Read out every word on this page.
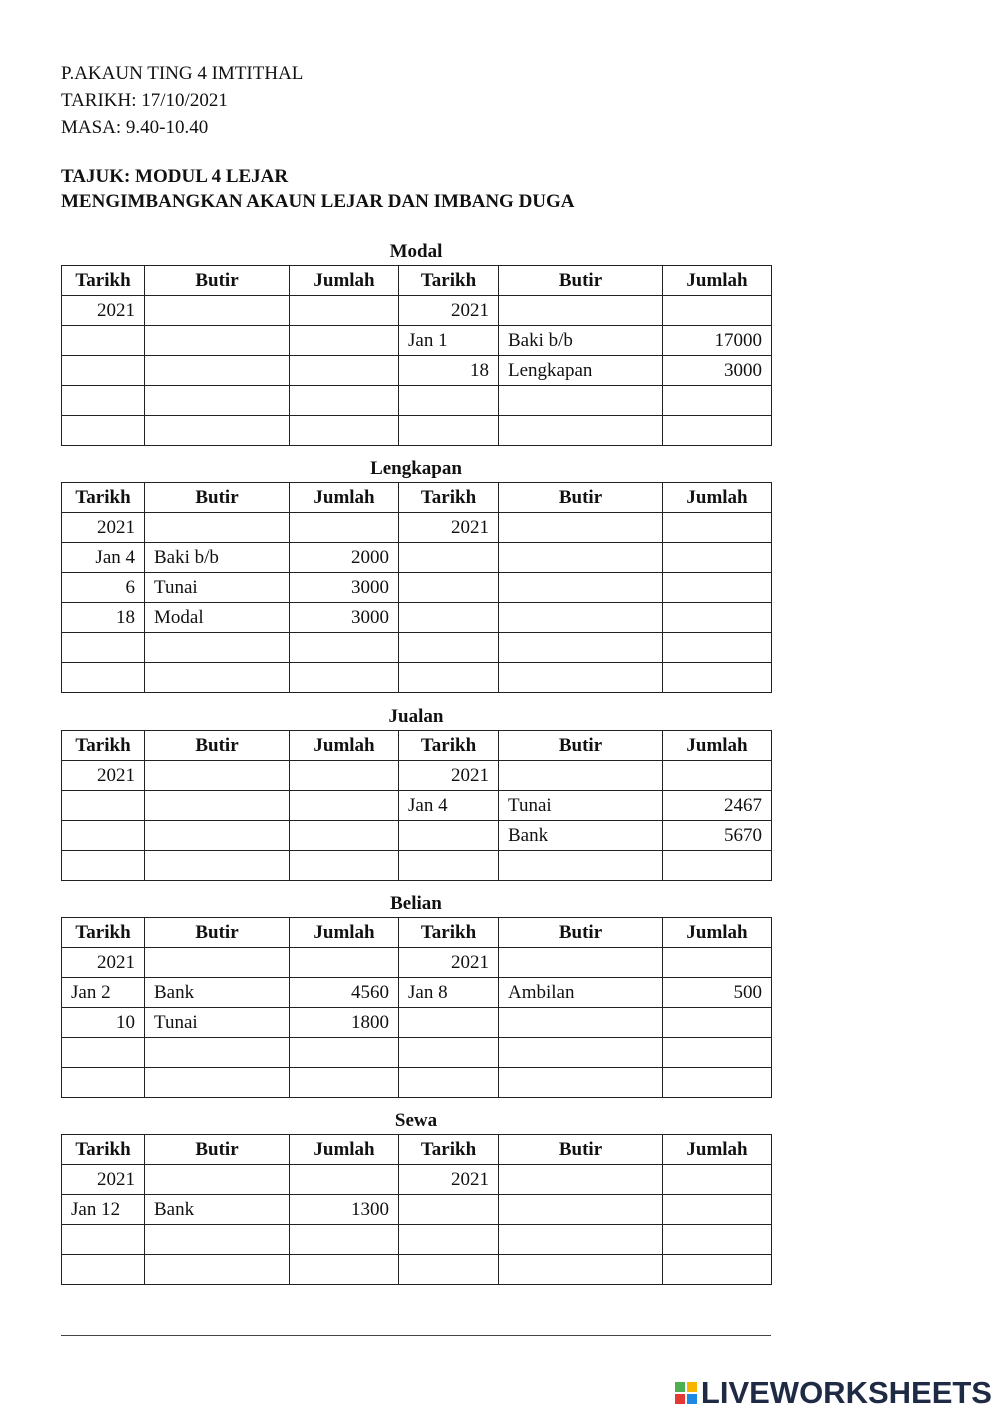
P.AKAUN TING 4 IMTITHAL
TARIKH: 17/10/2021
MASA: 9.40-10.40
TAJUK: MODUL 4 LEJAR
MENGIMBANGKAN AKAUN LEJAR DAN IMBANG DUGA
Modal
Tarikh	Butir	Jumlah	Tarikh	Butir	Jumlah
2021			2021		
			Jan 1	Baki b/b	17000
			18	Lengkapan	3000

Lengkapan
Tarikh	Butir	Jumlah	Tarikh	Butir	Jumlah
2021			2021		
Jan 4	Baki b/b	2000			
6	Tunai	3000			
18	Modal	3000			

Jualan
Tarikh	Butir	Jumlah	Tarikh	Butir	Jumlah
2021			2021		
			Jan 4	Tunai	2467
				Bank	5670

Belian
Tarikh	Butir	Jumlah	Tarikh	Butir	Jumlah
2021			2021		
Jan 2	Bank	4560	Jan 8	Ambilan	500
10	Tunai	1800			

Sewa
Tarikh	Butir	Jumlah	Tarikh	Butir	Jumlah
2021			2021		
Jan 12	Bank	1300			

LIVEWORKSHEETS
